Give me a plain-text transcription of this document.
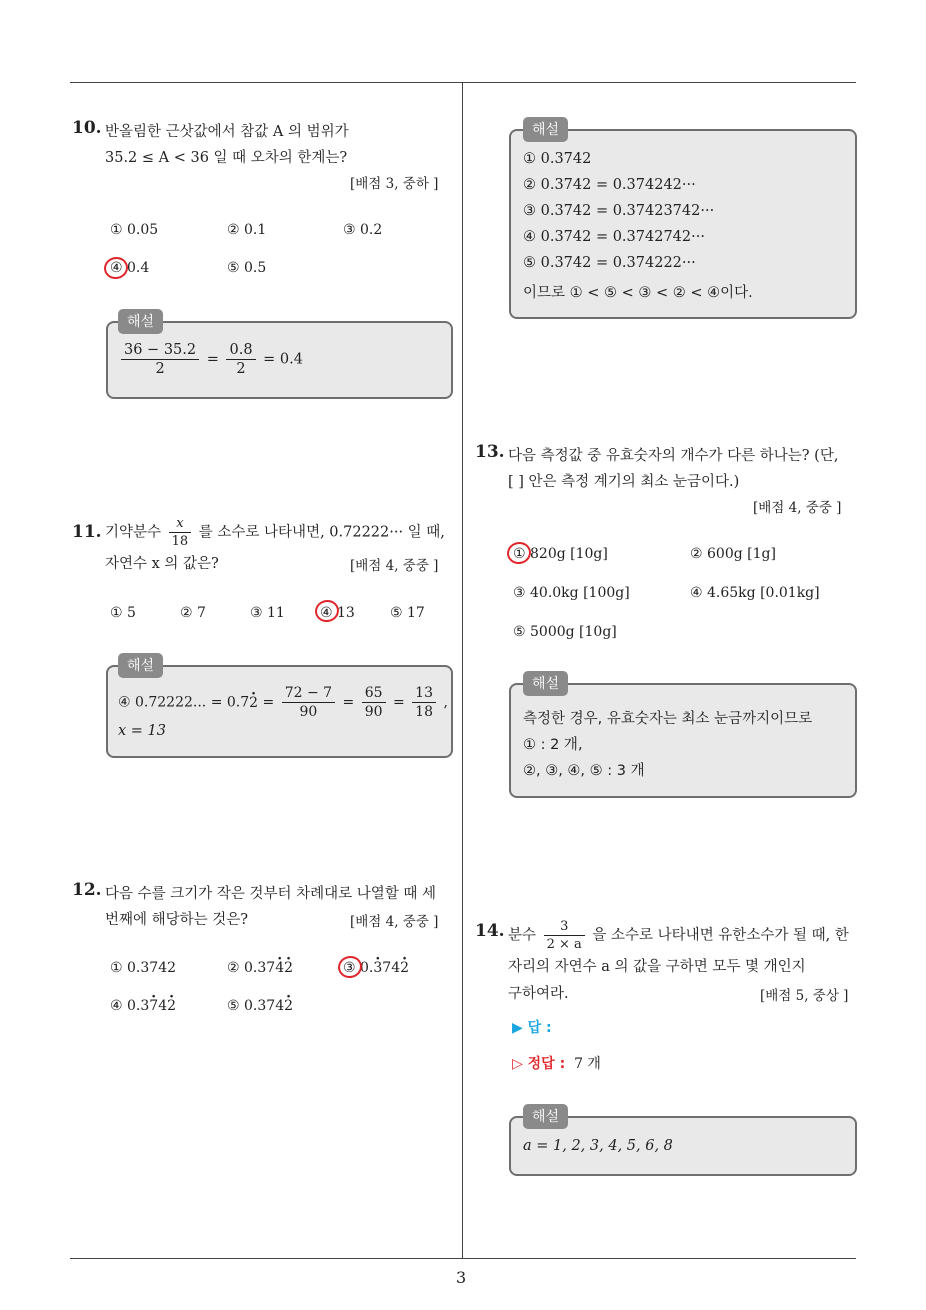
10. 반올림한 근삿값에서 참값 A 의 범위가
35.2 ≤ A < 36 일 때 오차의 한계는?
[배점 3, 중하 ]
① 0.05	② 0.1	③ 0.2
④ 0.4	⑤ 0.5
$\frac{36 - 35.2}{2} = \frac{0.8}{2} = 0.4$
해설
11. 기약분수 $\frac{x}{18}$ 를 소수로 나타내면, 0.72222··· 일 때,
자연수 x 의 값은?	[배점 4, 중중 ]
① 5	② 7	③ 11	④ 13	⑤ 17
④ 0.72222... = 0.72 · = $\frac{72 - 7}{90} = \frac{65}{90} = \frac{13}{18}$ ,
x = 13
해설
12. 다음 수를 크기가 작은 것부터 차례대로 나열할 때 세
번째에 해당하는 것은?	[배점 4, 중중 ]
① 0.3742	② 0.374 ·2 ·	③ 0.3 ·742 ·
④ 0.37 ·42 ·	⑤ 0.3742 ·
① 0.3742
② 0.3742 = 0.374242···
③ 0.3742 = 0.37423742···
④ 0.3742 = 0.3742742···
⑤ 0.3742 = 0.374222···
이므로 ① < ⑤ < ③ < ② < ④이다.
해설
13. 다음 측정값 중 유효숫자의 개수가 다른 하나는? (단,
[ ] 안은 측정 계기의 최소 눈금이다.)
[배점 4, 중중 ]
① 820g [10g]	② 600g [1g]
③ 40.0kg [100g]	④ 4.65kg [0.01kg]
⑤ 5000g [10g]
측정한 경우, 유효숫자는 최소 눈금까지이므로
① : 2 개,
②, ③, ④, ⑤ : 3 개
해설
14. 분수 $\frac{3}{2 \times a}$ 을 소수로 나타내면 유한소수가 될 때, 한
자리의 자연수 a 의 값을 구하면 모두 몇 개인지
구하여라.	[배점 5, 중상 ]
▶ 답 :
▷ 정답 : 7 개
a = 1, 2, 3, 4, 5, 6, 8
해설
3
